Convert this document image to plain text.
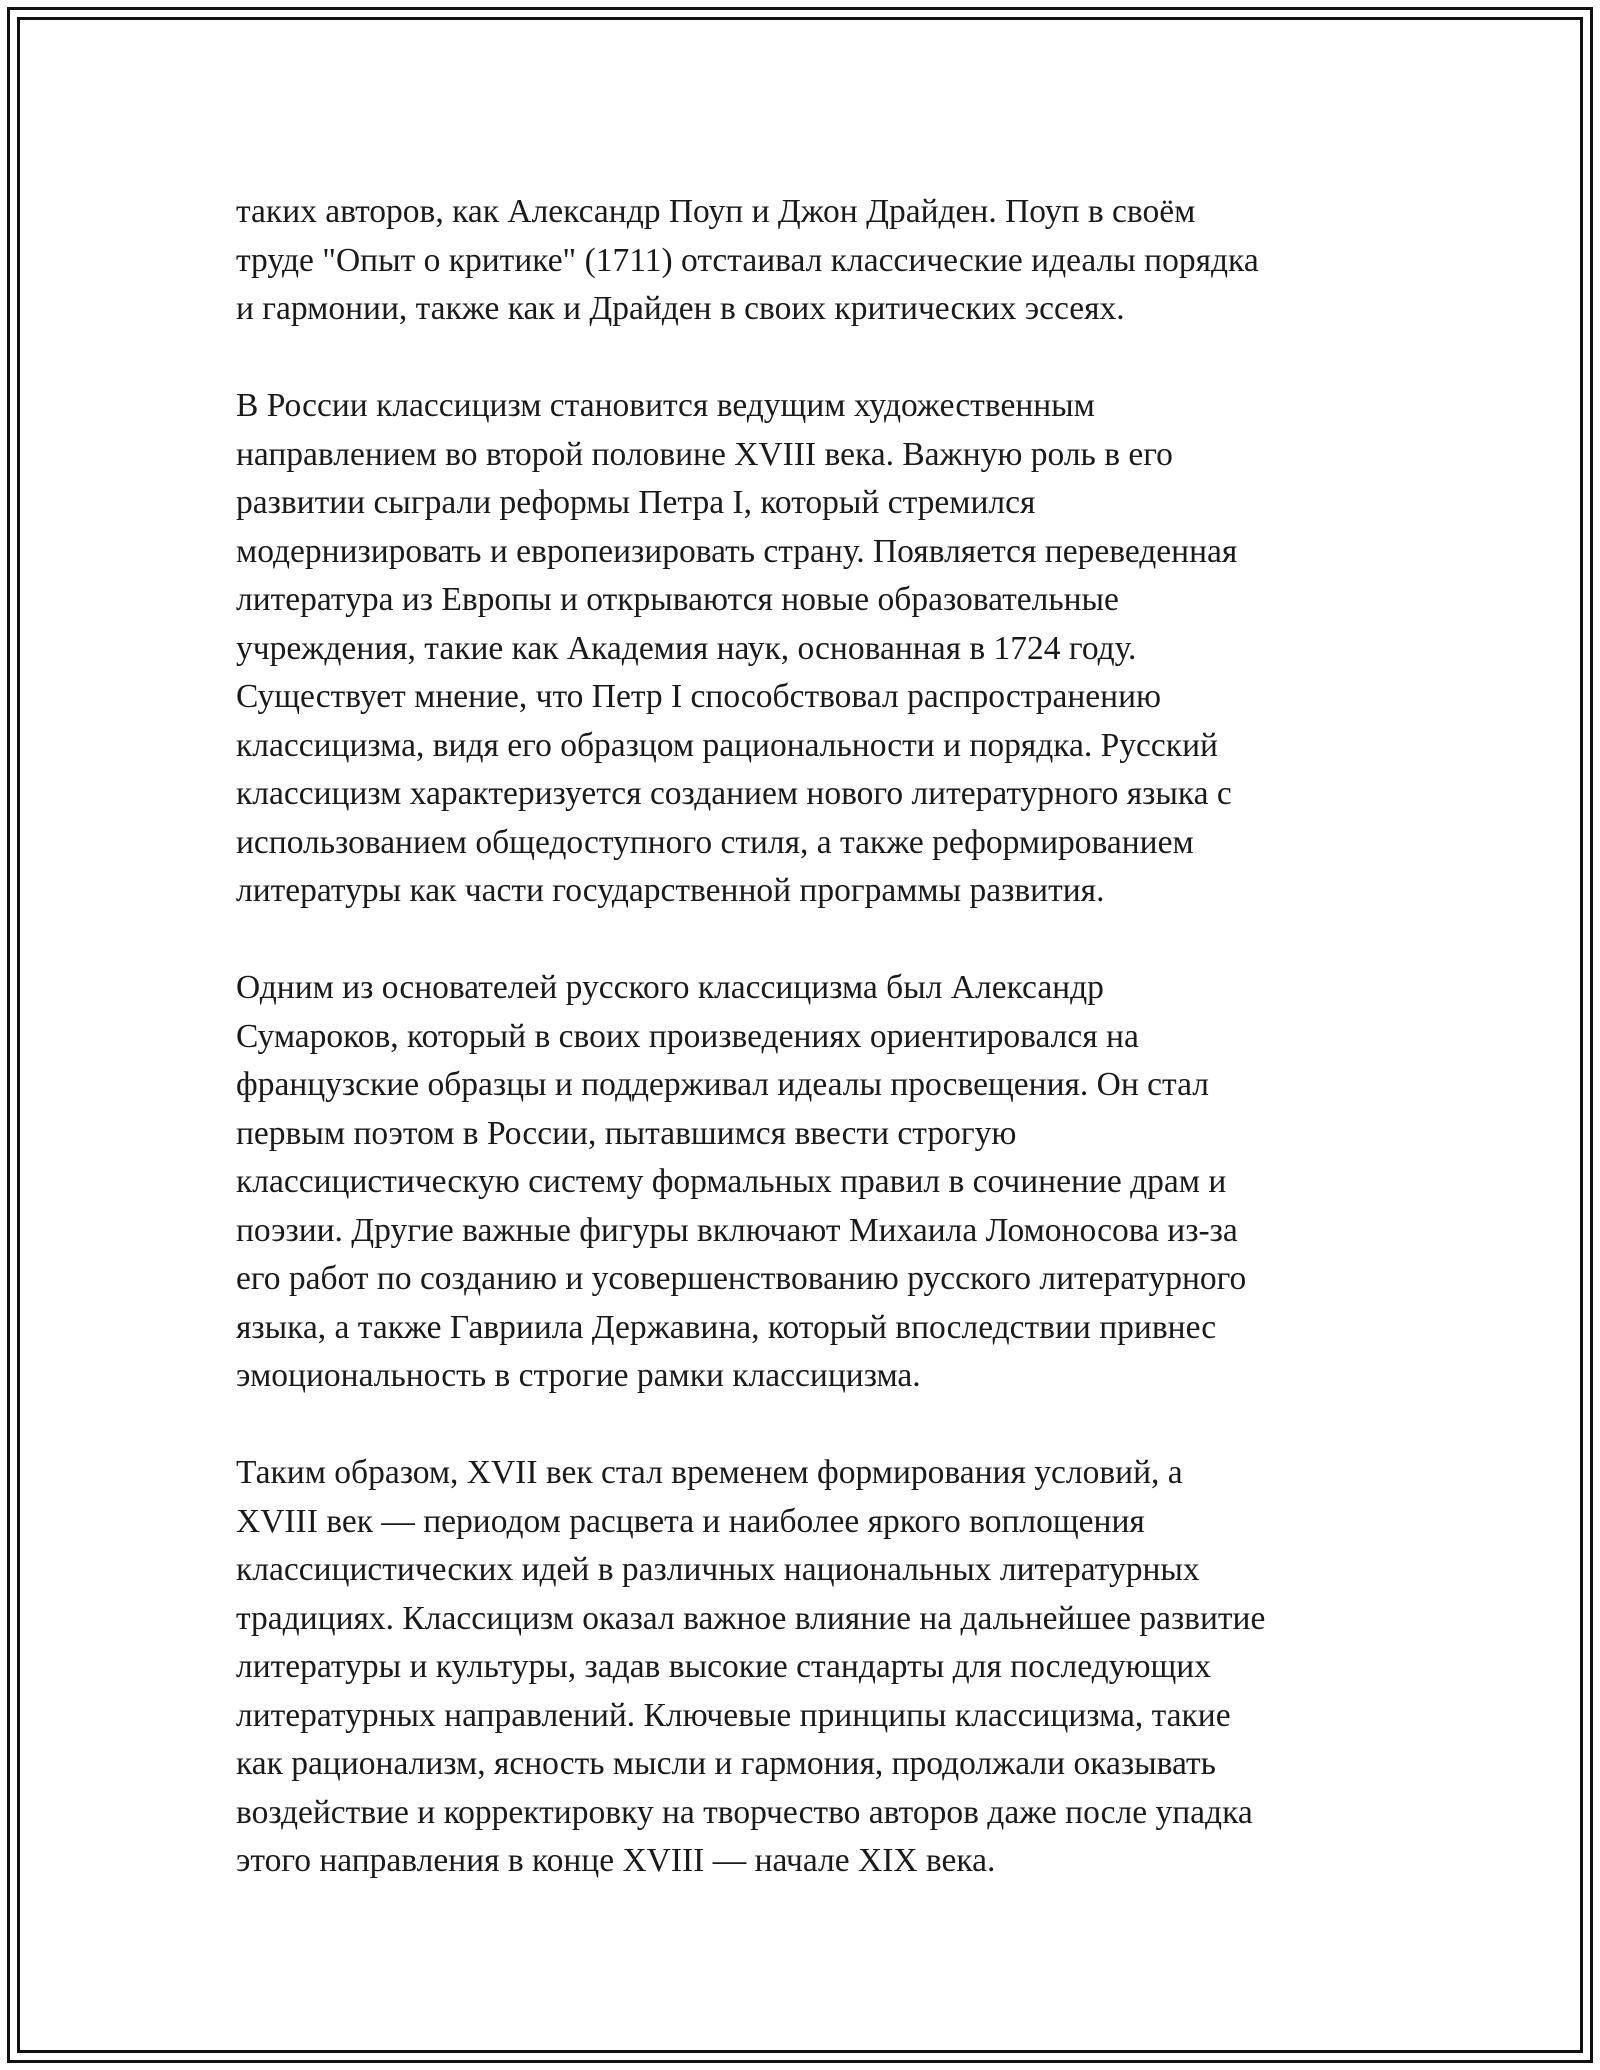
таких авторов, как Александр Поуп и Джон Драйден. Поуп в своём
труде "Опыт о критике" (1711) отстаивал классические идеалы порядка
и гармонии, также как и Драйден в своих критических эссеях.

В России классицизм становится ведущим художественным
направлением во второй половине XVIII века. Важную роль в его
развитии сыграли реформы Петра I, который стремился
модернизировать и европеизировать страну. Появляется переведенная
литература из Европы и открываются новые образовательные
учреждения, такие как Академия наук, основанная в 1724 году.
Существует мнение, что Петр I способствовал распространению
классицизма, видя его образцом рациональности и порядка. Русский
классицизм характеризуется созданием нового литературного языка с
использованием общедоступного стиля, а также реформированием
литературы как части государственной программы развития.

Одним из основателей русского классицизма был Александр
Сумароков, который в своих произведениях ориентировался на
французские образцы и поддерживал идеалы просвещения. Он стал
первым поэтом в России, пытавшимся ввести строгую
классицистическую систему формальных правил в сочинение драм и
поэзии. Другие важные фигуры включают Михаила Ломоносова из-за
его работ по созданию и усовершенствованию русского литературного
языка, а также Гавриила Державина, который впоследствии привнес
эмоциональность в строгие рамки классицизма.

Таким образом, XVII век стал временем формирования условий, а
XVIII век — периодом расцвета и наиболее яркого воплощения
классицистических идей в различных национальных литературных
традициях. Классицизм оказал важное влияние на дальнейшее развитие
литературы и культуры, задав высокие стандарты для последующих
литературных направлений. Ключевые принципы классицизма, такие
как рационализм, ясность мысли и гармония, продолжали оказывать
воздействие и корректировку на творчество авторов даже после упадка
этого направления в конце XVIII — начале XIX века.
